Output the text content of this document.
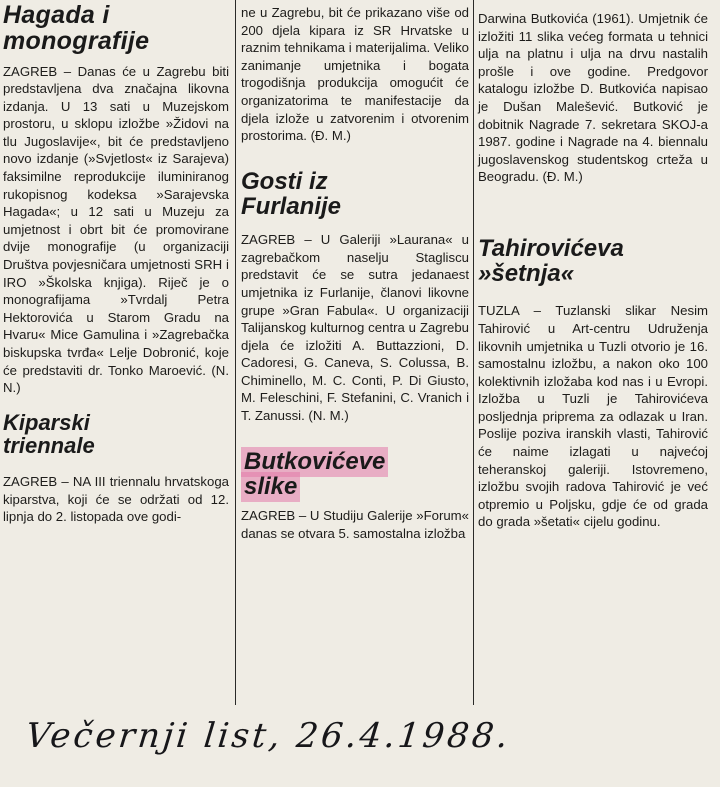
Hagada i
monografije

ZAGREB – Danas će u Zagrebu biti predstavljena dva značajna likovna izdanja. U 13 sati u Muzejskom prostoru, u sklopu izložbe »Židovi na tlu Jugoslavije«, bit će predstavljeno novo izdanje (»Svjetlost« iz Sarajeva) faksimilne reprodukcije iluminiranog rukopisnog kodeksa »Sarajevska Hagada«; u 12 sati u Muzeju za umjetnost i obrt bit će promovirane dvije monografije (u organizaciji Društva povjesničara umjetnosti SRH i IRO »Školska knjiga). Riječ je o monografijama »Tvrdalj Petra Hektorovića u Starom Gradu na Hvaru« Mice Gamulina i »Zagrebačka biskupska tvrđa« Lelje Dobronić, koje će predstaviti dr. Tonko Maroević. (N. N.)

Kiparski
triennale

ZAGREB – NA III triennalu hrvatskoga kiparstva, koji će se održati od 12. lipnja do 2. listopada ove godi-

ne u Zagrebu, bit će prikazano više od 200 djela kipara iz SR Hrvatske u raznim tehnikama i materijalima. Veliko zanimanje umjetnika i bogata trogodišnja produkcija omogućit će organizatorima te manifestacije da djela izlože u zatvorenim i otvorenim prostorima. (Đ. M.)

Gosti iz
Furlanije

ZAGREB – U Galeriji »Laurana« u zagrebačkom naselju Stagliscu predstavit će se sutra jedanaest umjetnika iz Furlanije, članovi likovne grupe »Gran Fabula«. U organizaciji Talijanskog kulturnog centra u Zagrebu djela će izložiti A. Buttazzioni, D. Cadoresi, G. Caneva, S. Colussa, B. Chiminello, M. C. Conti, P. Di Giusto, M. Feleschini, F. Stefanini, C. Vranich i T. Zanussi. (N. M.)

Butkovićeve
slike

ZAGREB – U Studiju Galerije »Forum« danas se otvara 5. samostalna izložba

Darwina Butkovića (1961). Umjetnik će izložiti 11 slika većeg formata u tehnici ulja na platnu i ulja na drvu nastalih prošle i ove godine. Predgovor katalogu izložbe D. Butkovića napisao je Dušan Malešević. Butković je dobitnik Nagrade 7. sekretara SKOJ-a 1987. godine i Nagrade na 4. biennalu jugoslavenskog studentskog crteža u Beogradu. (Đ. M.)

Tahirovićeva
»šetnja«

TUZLA – Tuzlanski slikar Nesim Tahirović u Art-centru Udruženja likovnih umjetnika u Tuzli otvorio je 16. samostalnu izložbu, a nakon oko 100 kolektivnih izložaba kod nas i u Evropi. Izložba u Tuzli je Tahirovićeva posljednja priprema za odlazak u Iran. Poslije poziva iranskih vlasti, Tahirović će naime izlagati u najvećoj teheranskoj galeriji. Istovremeno, izložbu svojih radova Tahirović je već otpremio u Poljsku, gdje će od grada do grada »šetati« cijelu godinu.

Večernji list, 26.4.1988.
